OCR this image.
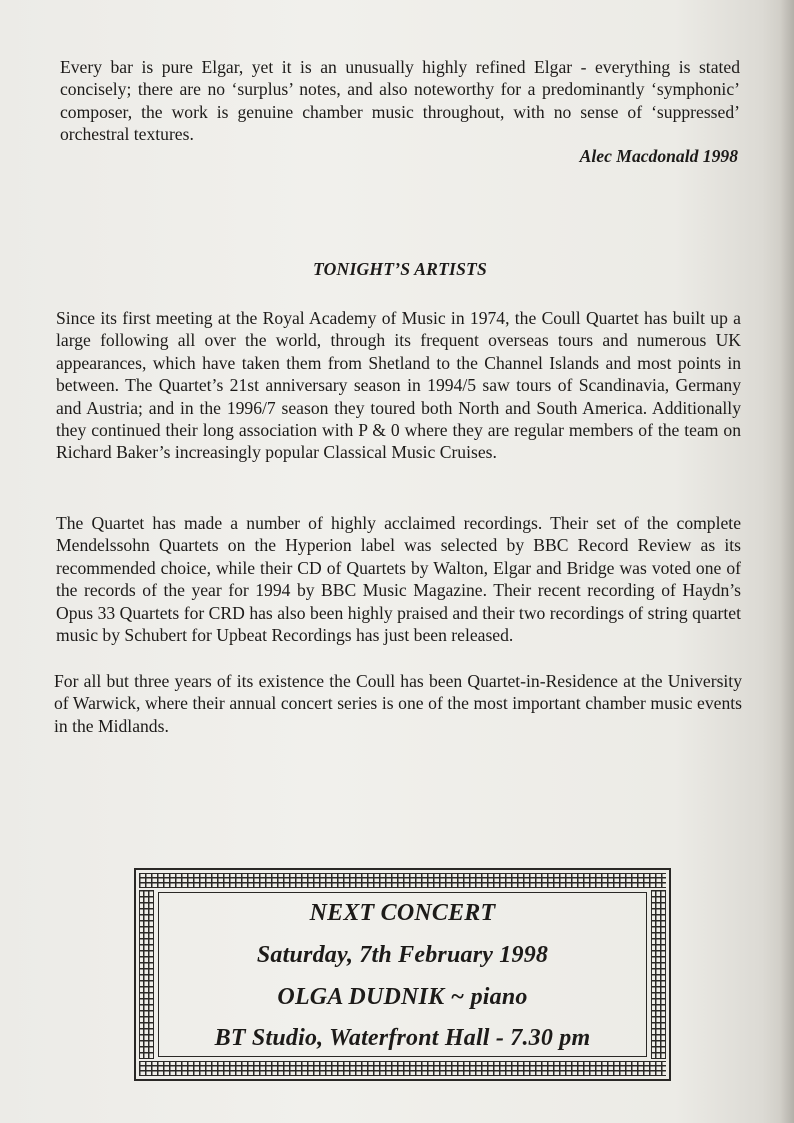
Every bar is pure Elgar, yet it is an unusually highly refined Elgar - everything is stated concisely; there are no ‘surplus’ notes, and also noteworthy for a predominantly ‘symphonic’ composer, the work is genuine chamber music throughout, with no sense of ‘suppressed’ orchestral textures.

Alec Macdonald 1998
TONIGHT’S ARTISTS

Since its first meeting at the Royal Academy of Music in 1974, the Coull Quartet has built up a large following all over the world, through its frequent overseas tours and numerous UK appearances, which have taken them from Shetland to the Channel Islands and most points in between. The Quartet’s 21st anniversary season in 1994/5 saw tours of Scandinavia, Germany and Austria; and in the 1996/7 season they toured both North and South America. Additionally they continued their long association with P & 0 where they are regular members of the team on Richard Baker’s increasingly popular Classical Music Cruises.

The Quartet has made a number of highly acclaimed recordings. Their set of the complete Mendelssohn Quartets on the Hyperion label was selected by BBC Record Review as its recommended choice, while their CD of Quartets by Walton, Elgar and Bridge was voted one of the records of the year for 1994 by BBC Music Magazine. Their recent recording of Haydn’s Opus 33 Quartets for CRD has also been highly praised and their two recordings of string quartet music by Schubert for Upbeat Recordings has just been released.

For all but three years of its existence the Coull has been Quartet-in-Residence at the University of Warwick, where their annual concert series is one of the most important chamber music events in the Midlands.

NEXT CONCERT
Saturday, 7th February 1998
OLGA DUDNIK ~ piano
BT Studio, Waterfront Hall - 7.30 pm
